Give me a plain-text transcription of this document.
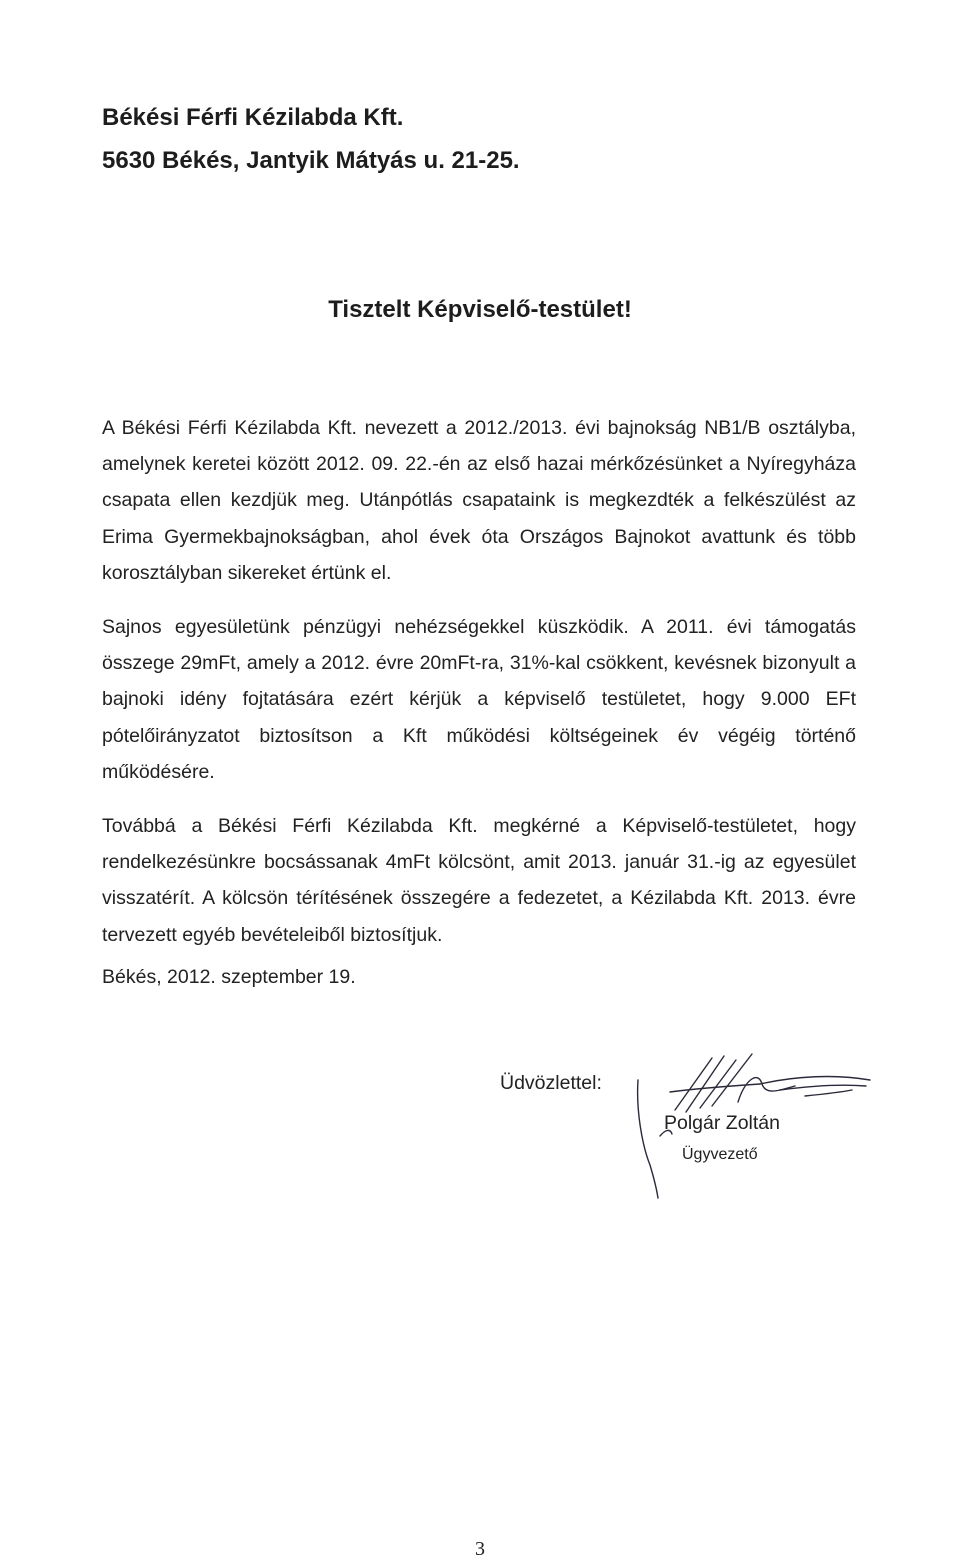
Békési Férfi Kézilabda Kft.
5630 Békés, Jantyik Mátyás u. 21-25.
Tisztelt Képviselő-testület!

A Békési Férfi Kézilabda Kft. nevezett a 2012./2013. évi bajnokság NB1/B osztályba, amelynek keretei között 2012. 09. 22.-én az első hazai mérkőzésünket a Nyíregyháza csapata ellen kezdjük meg. Utánpótlás csapataink is megkezdték a felkészülést az Erima Gyermekbajnokságban, ahol évek óta Országos Bajnokot avattunk és több korosztályban sikereket értünk el.

Sajnos egyesületünk pénzügyi nehézségekkel küszködik. A 2011. évi támogatás összege 29mFt, amely a 2012. évre 20mFt-ra, 31%-kal csökkent, kevésnek bizonyult a bajnoki idény fojtatására ezért kérjük a képviselő testületet, hogy 9.000 EFt pótelőirányzatot biztosítson a Kft működési költségeinek év végéig történő működésére.

Továbbá a Békési Férfi Kézilabda Kft. megkérné a Képviselő-testületet, hogy rendelkezésünkre bocsássanak 4mFt kölcsönt, amit 2013. január 31.-ig az egyesület visszatérít. A kölcsön térítésének összegére a fedezetet, a Kézilabda Kft. 2013. évre tervezett egyéb bevételeiből biztosítjuk.

Békés, 2012. szeptember 19.
Üdvözlettel:
Polgár Zoltán
Ügyvezető
3
